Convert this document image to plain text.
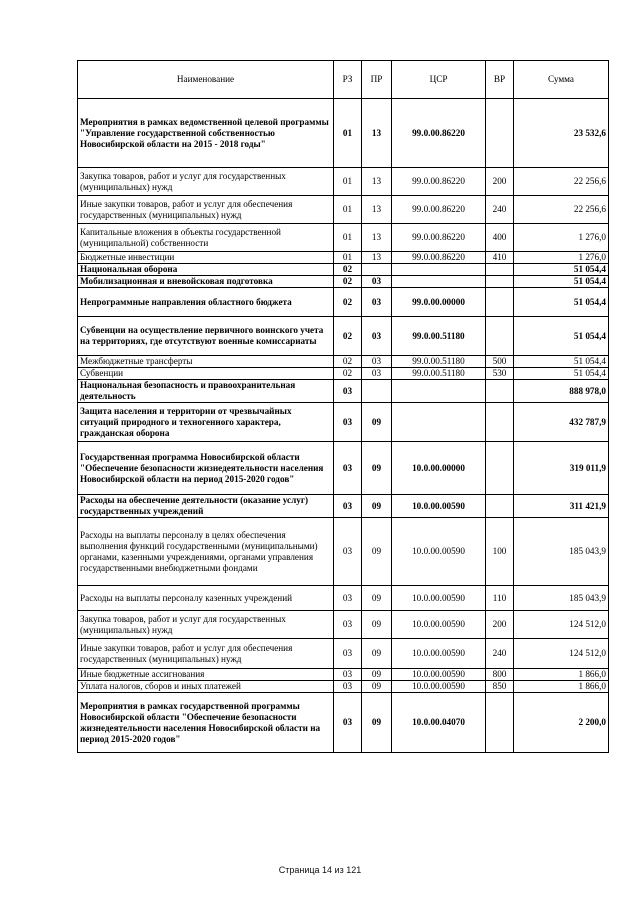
Наименование	РЗ	ПР	ЦСР	ВР	Сумма
Мероприятия в рамках ведомственной целевой программы "Управление государственной собственностью Новосибирской области на 2015 - 2018 годы"	01	13	99.0.00.86220		23 532,6
Закупка товаров, работ и услуг для государственных (муниципальных) нужд	01	13	99.0.00.86220	200	22 256,6
Иные закупки товаров, работ и услуг для обеспечения государственных (муниципальных) нужд	01	13	99.0.00.86220	240	22 256,6
Капитальные вложения в объекты государственной (муниципальной) собственности	01	13	99.0.00.86220	400	1 276,0
Бюджетные инвестиции	01	13	99.0.00.86220	410	1 276,0
Национальная оборона	02				51 054,4
Мобилизационная и вневойсковая подготовка	02	03			51 054,4
Непрограммные направления областного бюджета	02	03	99.0.00.00000		51 054,4
Субвенции на осуществление первичного воинского учета на территориях, где отсутствуют военные комиссариаты	02	03	99.0.00.51180		51 054,4
Межбюджетные трансферты	02	03	99.0.00.51180	500	51 054,4
Субвенции	02	03	99.0.00.51180	530	51 054,4
Национальная безопасность и правоохранительная деятельность	03				888 978,0
Защита населения и территории от чрезвычайных ситуаций природного и техногенного характера, гражданская оборона	03	09			432 787,9
Государственная программа Новосибирской области "Обеспечение безопасности жизнедеятельности населения Новосибирской области на период 2015-2020 годов"	03	09	10.0.00.00000		319 011,9
Расходы на обеспечение деятельности (оказание услуг) государственных учреждений	03	09	10.0.00.00590		311 421,9
Расходы на выплаты персоналу в целях обеспечения выполнения функций государственными (муниципальными) органами, казенными учреждениями, органами управления государственными внебюджетными фондами	03	09	10.0.00.00590	100	185 043,9
Расходы на выплаты персоналу казенных учреждений	03	09	10.0.00.00590	110	185 043,9
Закупка товаров, работ и услуг для государственных (муниципальных) нужд	03	09	10.0.00.00590	200	124 512,0
Иные закупки товаров, работ и услуг для обеспечения государственных (муниципальных) нужд	03	09	10.0.00.00590	240	124 512,0
Иные бюджетные ассигнования	03	09	10.0.00.00590	800	1 866,0
Уплата налогов, сборов и иных платежей	03	09	10.0.00.00590	850	1 866,0
Мероприятия в рамках государственной программы Новосибирской области "Обеспечение безопасности жизнедеятельности населения Новосибирской области на период 2015-2020 годов"	03	09	10.0.00.04070		2 200,0
Страница 14 из 121
